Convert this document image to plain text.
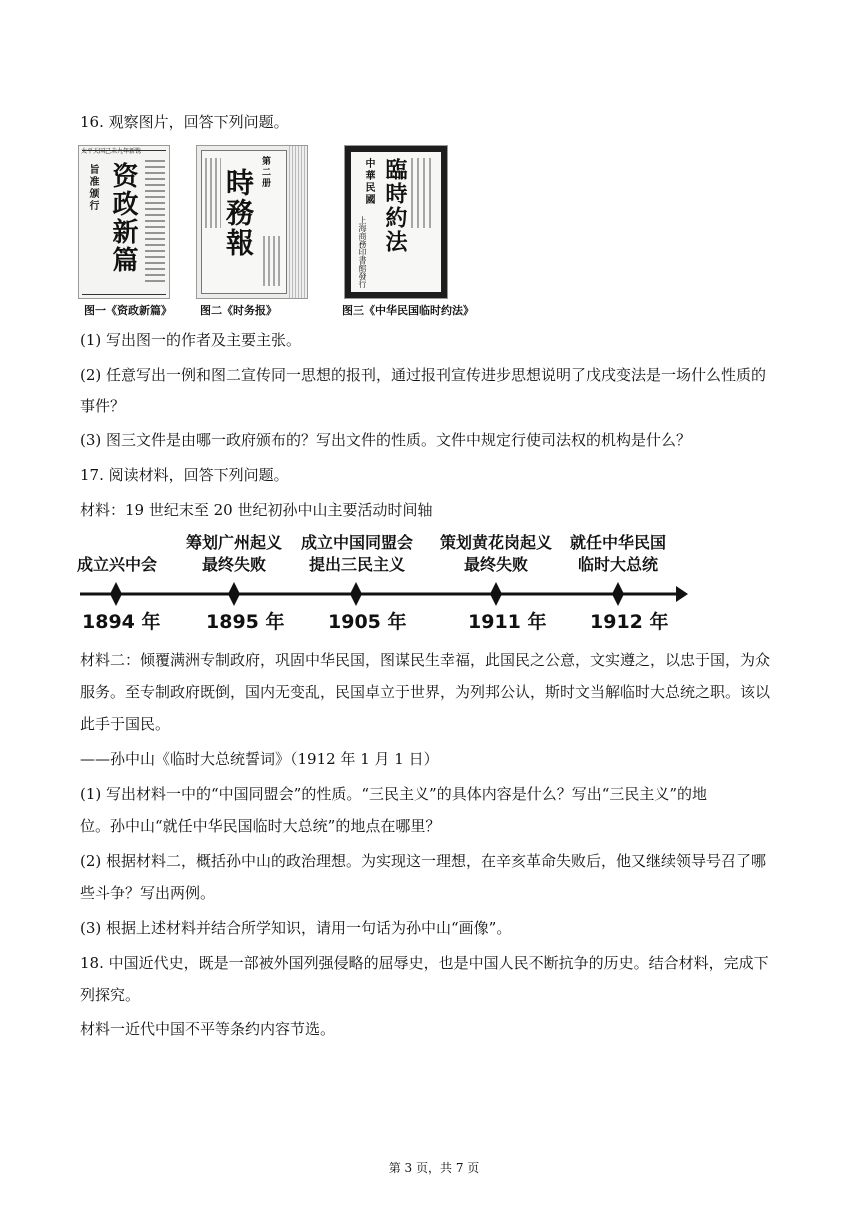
16. 观察图片，回答下列问题。
太平天国己未九年新镌
资政新篇
旨准颁行
图一《资政新篇》
時務報 第二册
图二《时务报》
中華民國 臨時約法
上海商務印書館發行
图三《中华民国临时约法》
(1) 写出图一的作者及主要主张。
(2) 任意写出一例和图二宣传同一思想的报刊，通过报刊宣传进步思想说明了戊戌变法是一场什么性质的
事件？
(3) 图三文件是由哪一政府颁布的？写出文件的性质。文件中规定行使司法权的机构是什么？
17. 阅读材料，回答下列问题。
材料：19 世纪末至 20 世纪初孙中山主要活动时间轴
成立兴中会
1894 年
筹划广州起义
最终失败
1895 年
成立中国同盟会
提出三民主义
1905 年
策划黄花岗起义
最终失败
1911 年
就任中华民国
临时大总统
1912 年
材料二：倾覆满洲专制政府，巩固中华民国，图谋民生幸福，此国民之公意，文实遵之，以忠于国，为众
服务。至专制政府既倒，国内无变乱，民国卓立于世界，为列邦公认，斯时文当解临时大总统之职。该以
此手于国民。
——孙中山《临时大总统誓词》（1912 年 1 月 1 日）
(1) 写出材料一中的“中国同盟会”的性质。“三民主义”的具体内容是什么？写出“三民主义”的地
位。孙中山“就任中华民国临时大总统”的地点在哪里？
(2) 根据材料二，概括孙中山的政治理想。为实现这一理想，在辛亥革命失败后，他又继续领导号召了哪
些斗争？写出两例。
(3) 根据上述材料并结合所学知识，请用一句话为孙中山“画像”。
18. 中国近代史，既是一部被外国列强侵略的屈辱史，也是中国人民不断抗争的历史。结合材料，完成下
列探究。
材料一近代中国不平等条约内容节选。
第 3 页，共 7 页
